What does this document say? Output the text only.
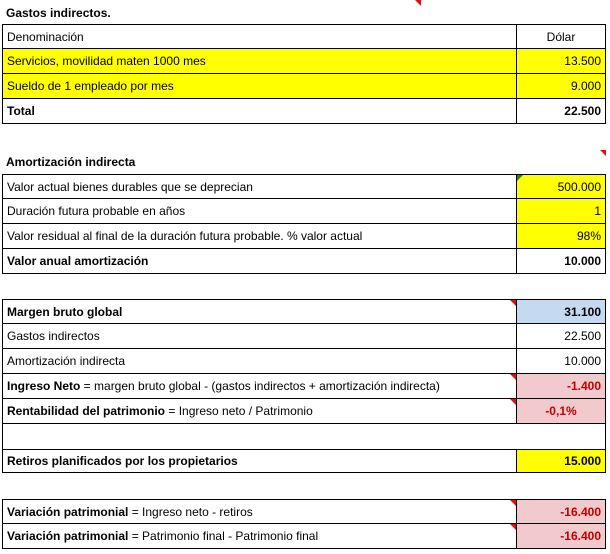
Gastos indirectos.
Denominación	Dólar
Servicios, movilidad maten 1000 mes	13.500
Sueldo de 1 empleado por mes	9.000
Total	22.500
Amortización indirecta
Valor actual bienes durables que se deprecian	500.000
Duración futura probable en años	1
Valor residual al final de la duración futura probable. % valor actual	98%
Valor anual amortización	10.000
Margen bruto global	31.100
Gastos indirectos	22.500
Amortización indirecta	10.000
Ingreso Neto = margen bruto global - (gastos indirectos + amortización indirecta)	-1.400
Rentabilidad del patrimonio = Ingreso neto / Patrimonio	-0,1%
Retiros planificados por los propietarios	15.000
Variación patrimonial = Ingreso neto - retiros	-16.400
Variación patrimonial = Patrimonio final - Patrimonio final	-16.400
